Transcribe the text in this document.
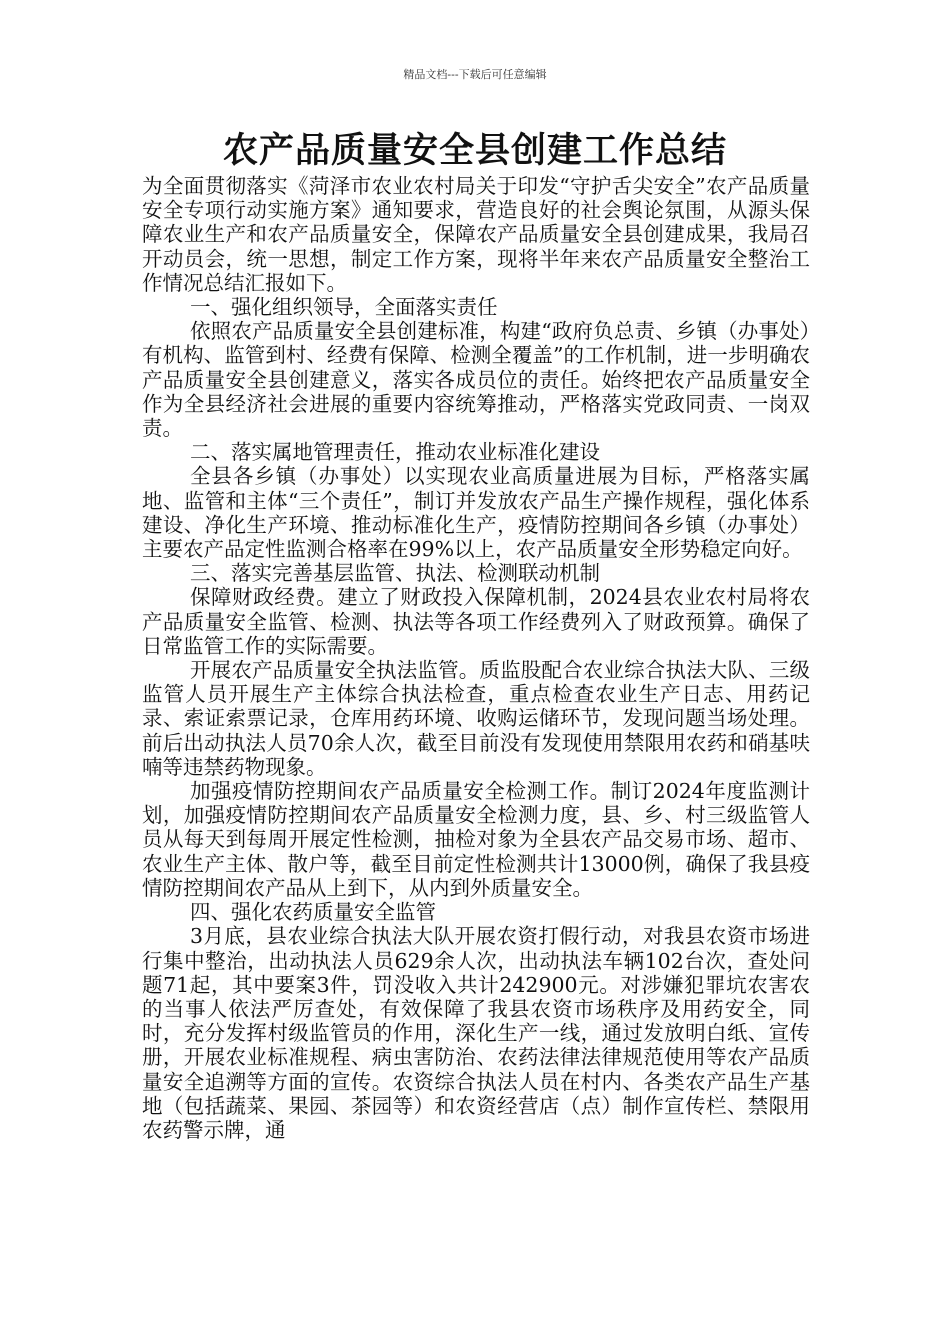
精品文档---下载后可任意编辑
农产品质量安全县创建工作总结

为全面贯彻落实《菏泽市农业农村局关于印发“守护舌尖安全”农产品质量安全专项行动实施方案》通知要求，营造良好的社会舆论氛围，从源头保障农业生产和农产品质量安全，保障农产品质量安全县创建成果，我局召开动员会，统一思想，制定工作方案，现将半年来农产品质量安全整治工作情况总结汇报如下。

一、强化组织领导，全面落实责任

依照农产品质量安全县创建标准，构建“政府负总责、乡镇（办事处）有机构、监管到村、经费有保障、检测全覆盖”的工作机制，进一步明确农产品质量安全县创建意义，落实各成员位的责任。始终把农产品质量安全作为全县经济社会进展的重要内容统筹推动，严格落实党政同责、一岗双责。

二、落实属地管理责任，推动农业标准化建设

全县各乡镇（办事处）以实现农业高质量进展为目标，严格落实属地、监管和主体“三个责任”，制订并发放农产品生产操作规程，强化体系建设、净化生产环境、推动标准化生产，疫情防控期间各乡镇（办事处）主要农产品定性监测合格率在99%以上，农产品质量安全形势稳定向好。

三、落实完善基层监管、执法、检测联动机制

保障财政经费。建立了财政投入保障机制，2024县农业农村局将农产品质量安全监管、检测、执法等各项工作经费列入了财政预算。确保了日常监管工作的实际需要。

开展农产品质量安全执法监管。质监股配合农业综合执法大队、三级监管人员开展生产主体综合执法检查，重点检查农业生产日志、用药记录、索证索票记录，仓库用药环境、收购运储环节，发现问题当场处理。前后出动执法人员70余人次，截至目前没有发现使用禁限用农药和硝基呋喃等违禁药物现象。

加强疫情防控期间农产品质量安全检测工作。制订2024年度监测计划，加强疫情防控期间农产品质量安全检测力度，县、乡、村三级监管人员从每天到每周开展定性检测，抽检对象为全县农产品交易市场、超市、农业生产主体、散户等，截至目前定性检测共计13000例，确保了我县疫情防控期间农产品从上到下，从内到外质量安全。

四、强化农药质量安全监管

3月底，县农业综合执法大队开展农资打假行动，对我县农资市场进行集中整治，出动执法人员629余人次，出动执法车辆102台次，查处问题71起，其中要案3件，罚没收入共计242900元。对涉嫌犯罪坑农害农的当事人依法严厉查处，有效保障了我县农资市场秩序及用药安全，同时，充分发挥村级监管员的作用，深化生产一线，通过发放明白纸、宣传册，开展农业标准规程、病虫害防治、农药法律法律规范使用等农产品质量安全追溯等方面的宣传。农资综合执法人员在村内、各类农产品生产基地（包括蔬菜、果园、茶园等）和农资经营店（点）制作宣传栏、禁限用农药警示牌，通
